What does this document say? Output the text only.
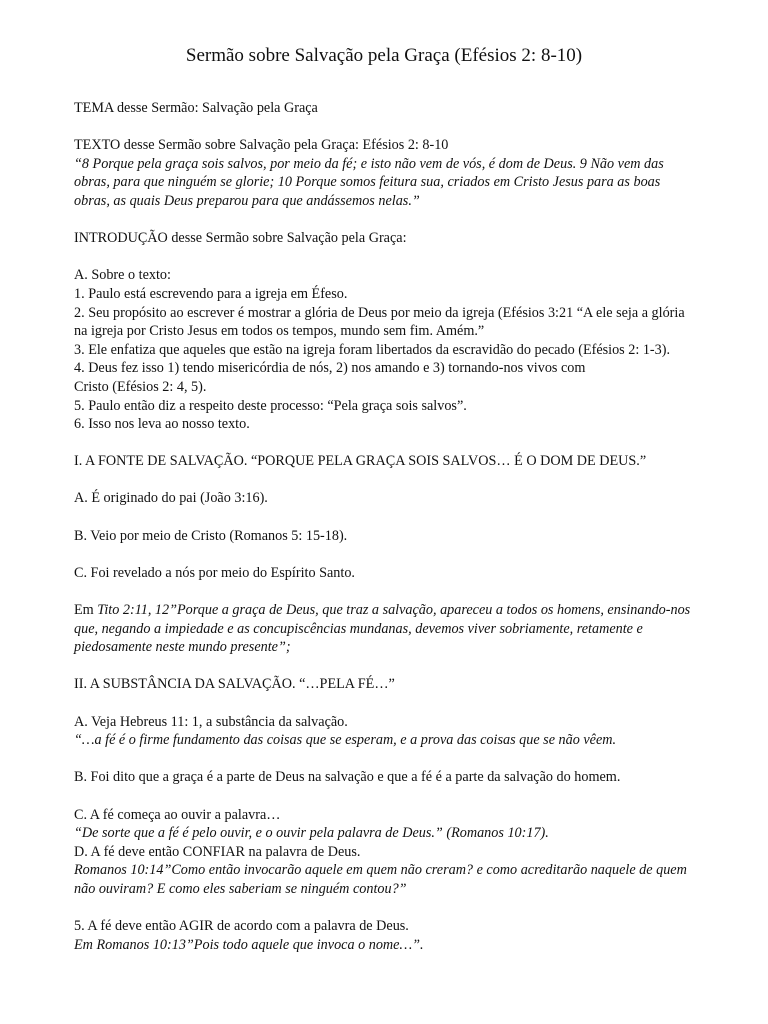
Sermão sobre Salvação pela Graça (Efésios 2: 8-10)

TEMA desse Sermão: Salvação pela Graça

TEXTO desse Sermão sobre Salvação pela Graça: Efésios 2: 8-10

“8 Porque pela graça sois salvos, por meio da fé; e isto não vem de vós, é dom de Deus. 9 Não vem das obras, para que ninguém se glorie; 10 Porque somos feitura sua, criados em Cristo Jesus para as boas obras, as quais Deus preparou para que andássemos nelas.”

INTRODUÇÃO desse Sermão sobre Salvação pela Graça:

A. Sobre o texto:

1. Paulo está escrevendo para a igreja em Éfeso.

2. Seu propósito ao escrever é mostrar a glória de Deus por meio da igreja (Efésios 3:21 “A ele seja a glória na igreja por Cristo Jesus em todos os tempos, mundo sem fim. Amém.”

3. Ele enfatiza que aqueles que estão na igreja foram libertados da escravidão do pecado (Efésios 2: 1-3).

4. Deus fez isso 1) tendo misericórdia de nós, 2) nos amando e 3) tornando-nos vivos com

Cristo (Efésios 2: 4, 5).

5. Paulo então diz a respeito deste processo: “Pela graça sois salvos”.

6. Isso nos leva ao nosso texto.

I. A FONTE DE SALVAÇÃO. “PORQUE PELA GRAÇA SOIS SALVOS… É O DOM DE DEUS.”

A. É originado do pai (João 3:16).

B. Veio por meio de Cristo (Romanos 5: 15-18).

C. Foi revelado a nós por meio do Espírito Santo.

Em Tito 2:11, 12”Porque a graça de Deus, que traz a salvação, apareceu a todos os homens, ensinando-nos que, negando a impiedade e as concupiscências mundanas, devemos viver sobriamente, retamente e piedosamente neste mundo presente”;

II. A SUBSTÂNCIA DA SALVAÇÃO. “…PELA FÉ…”

A. Veja Hebreus 11: 1, a substância da salvação.

“…a fé é o firme fundamento das coisas que se esperam, e a prova das coisas que se não vêem.

B. Foi dito que a graça é a parte de Deus na salvação e que a fé é a parte da salvação do homem.

C. A fé começa ao ouvir a palavra…

“De sorte que a fé é pelo ouvir, e o ouvir pela palavra de Deus.” (Romanos 10:17).

D. A fé deve então CONFIAR na palavra de Deus.

Romanos 10:14”Como então invocarão aquele em quem não creram? e como acreditarão naquele de quem não ouviram? E como eles saberiam se ninguém contou?”

5. A fé deve então AGIR de acordo com a palavra de Deus.

Em Romanos 10:13”Pois todo aquele que invoca o nome…”.
